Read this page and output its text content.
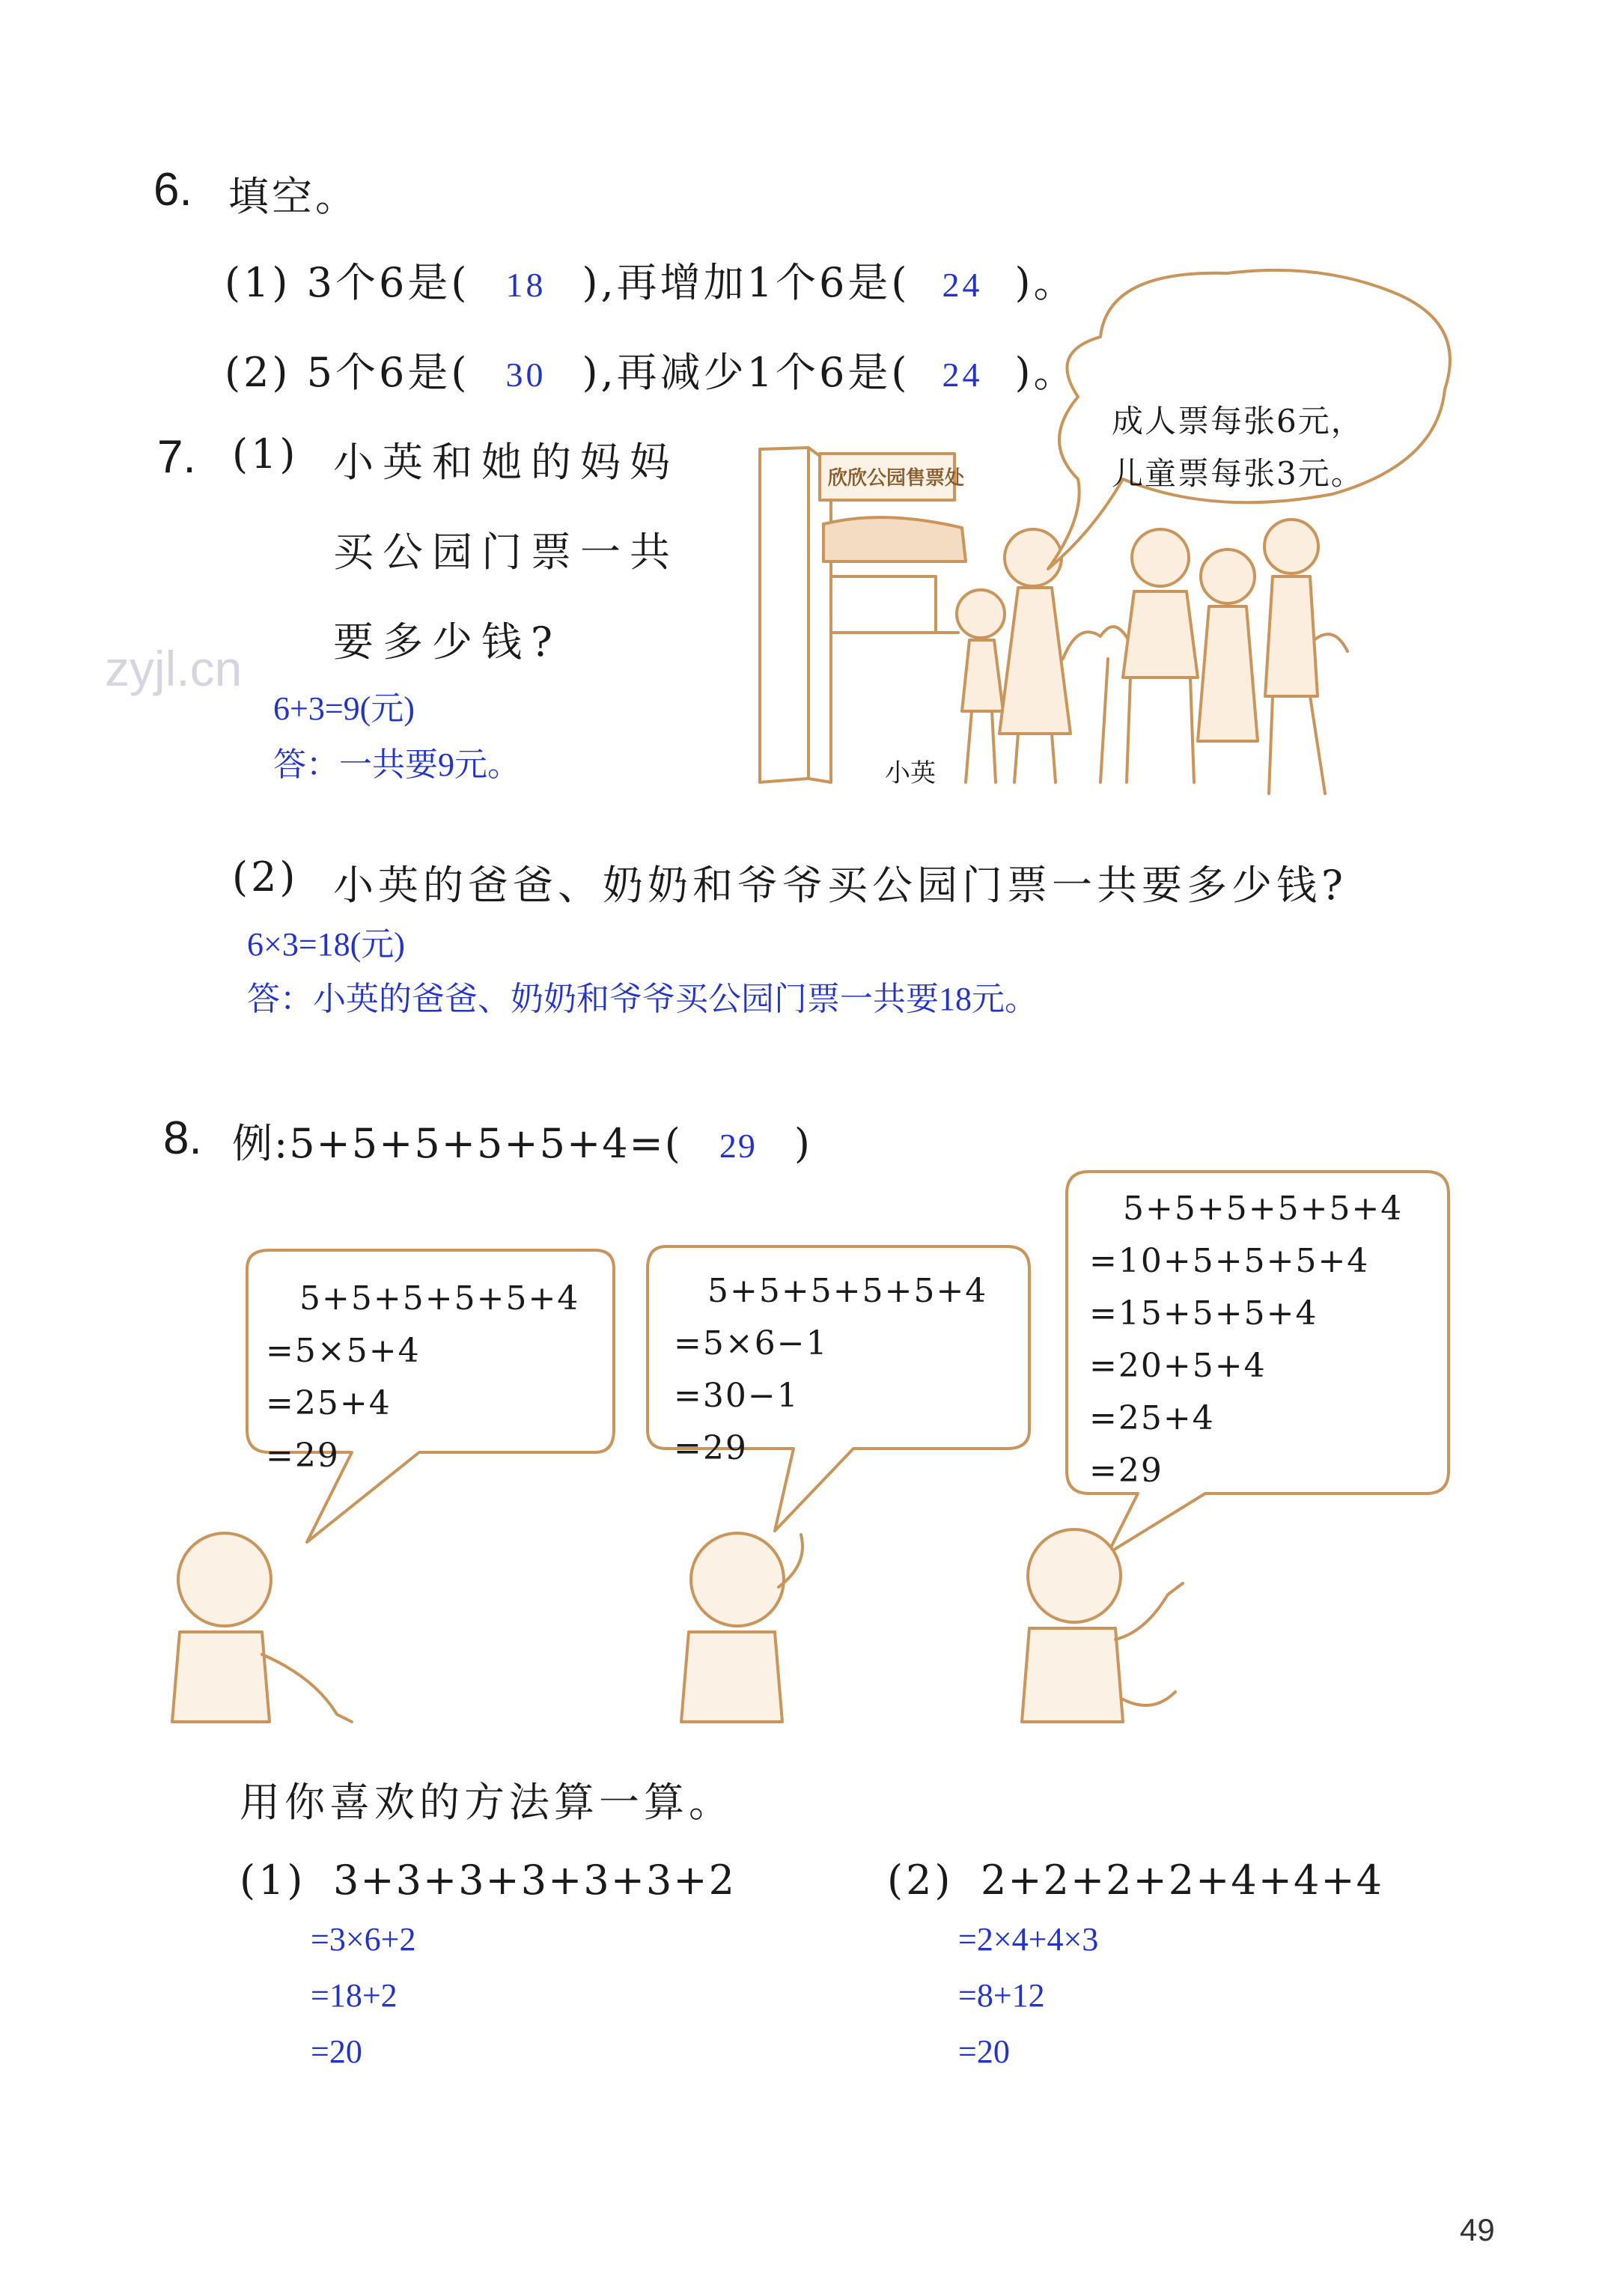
6. 填空。
(1) 3个6是( 18 ),再增加1个6是( 24 )。
(2) 5个6是( 30 ),再减少1个6是( 24 )。
7. (1) 小英和她的妈妈
买公园门票一共
要多少钱?
zyjl.cn
6+3=9(元)
答：一共要9元。
欣欣公园售票处
成人票每张6元，
儿童票每张3元。
小英
(2) 小英的爸爸、奶奶和爷爷买公园门票一共要多少钱?
6×3=18(元)
答：小英的爸爸、奶奶和爷爷买公园门票一共要18元。
8. 例:5+5+5+5+5+4=( 29 )
5+5+5+5+5+4
=5×5+4
=25+4
=29
5+5+5+5+5+4
=5×6−1
=30−1
=29
5+5+5+5+5+4
=10+5+5+5+4
=15+5+5+4
=20+5+4
=25+4
=29
用你喜欢的方法算一算。
(1) 3+3+3+3+3+3+2
=3×6+2
=18+2
=20
(2) 2+2+2+2+4+4+4
=2×4+4×3
=8+12
=20
49
